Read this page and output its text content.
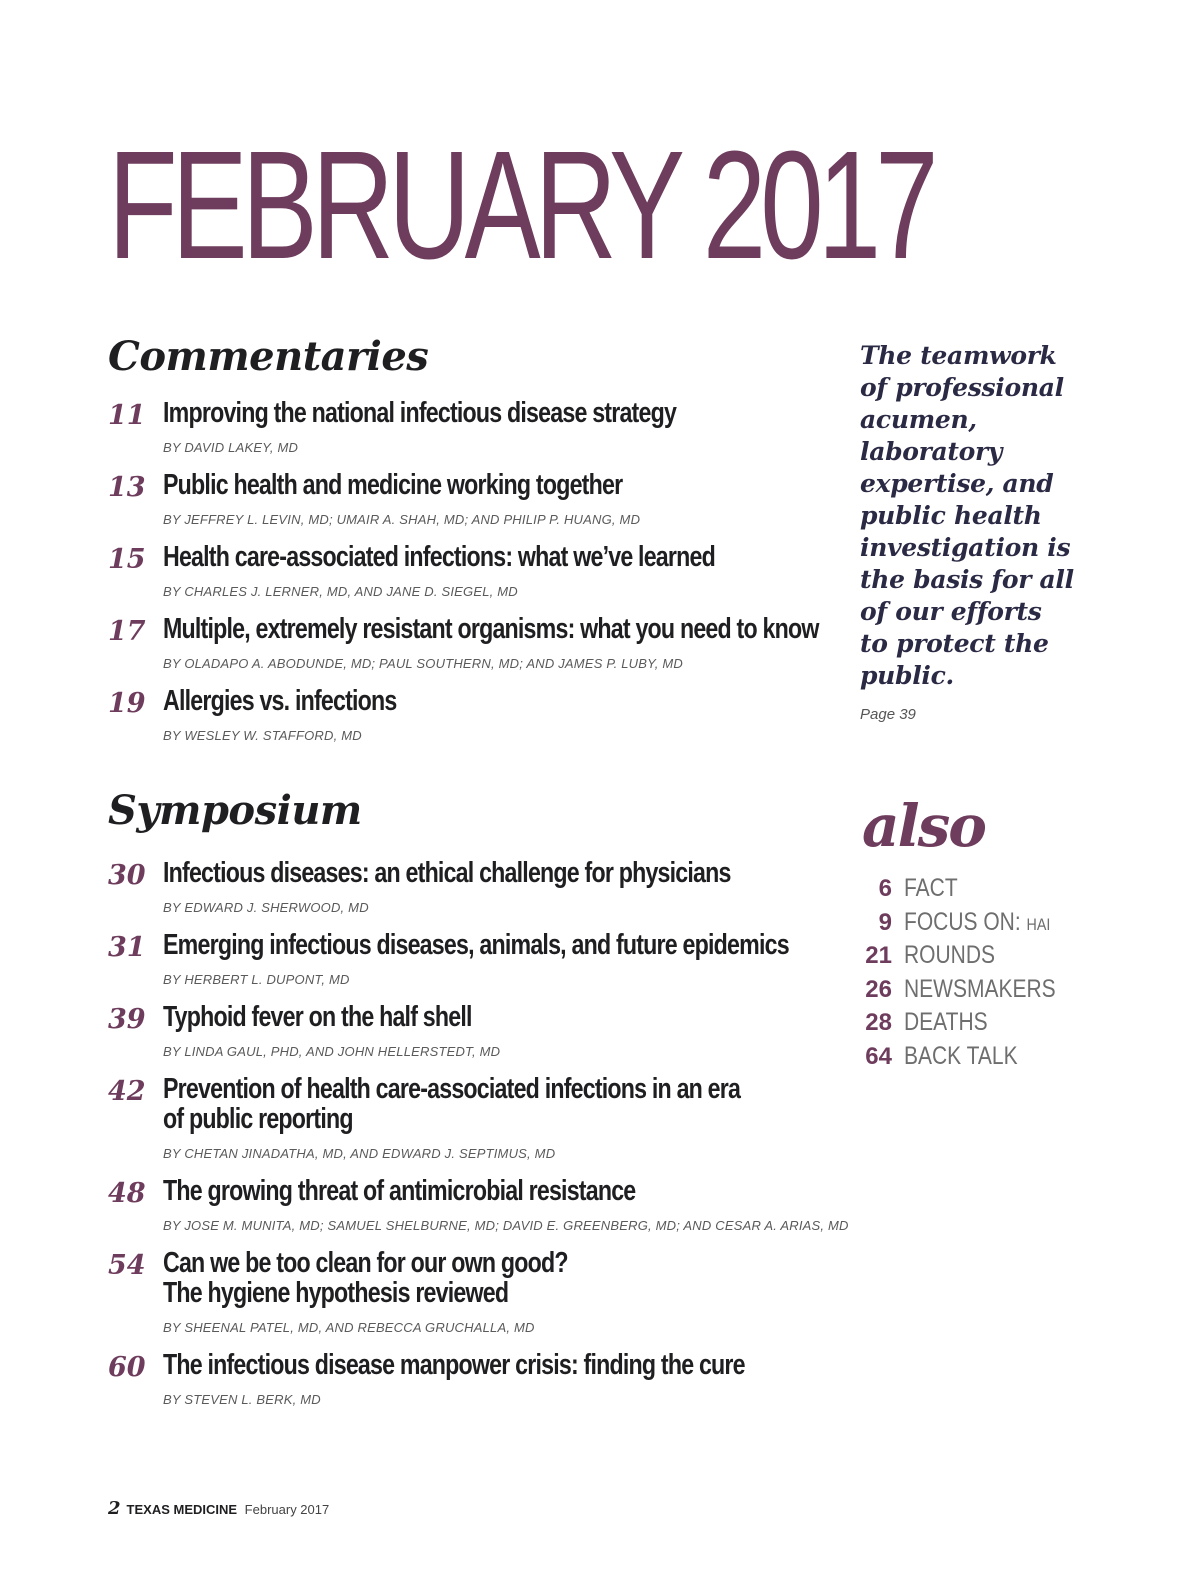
FEBRUARY 2017
Commentaries
11 Improving the national infectious disease strategy
BY DAVID LAKEY, MD
13 Public health and medicine working together
BY JEFFREY L. LEVIN, MD; UMAIR A. SHAH, MD; AND PHILIP P. HUANG, MD
15 Health care-associated infections: what we’ve learned
BY CHARLES J. LERNER, MD, AND JANE D. SIEGEL, MD
17 Multiple, extremely resistant organisms: what you need to know
BY OLADAPO A. ABODUNDE, MD; PAUL SOUTHERN, MD; AND JAMES P. LUBY, MD
19 Allergies vs. infections
BY WESLEY W. STAFFORD, MD
Symposium
30 Infectious diseases: an ethical challenge for physicians
BY EDWARD J. SHERWOOD, MD
31 Emerging infectious diseases, animals, and future epidemics
BY HERBERT L. DUPONT, MD
39 Typhoid fever on the half shell
BY LINDA GAUL, PHD, AND JOHN HELLERSTEDT, MD
42 Prevention of health care-associated infections in an era
of public reporting
BY CHETAN JINADATHA, MD, AND EDWARD J. SEPTIMUS, MD
48 The growing threat of antimicrobial resistance
BY JOSE M. MUNITA, MD; SAMUEL SHELBURNE, MD; DAVID E. GREENBERG, MD; AND CESAR A. ARIAS, MD
54 Can we be too clean for our own good?
The hygiene hypothesis reviewed
BY SHEENAL PATEL, MD, AND REBECCA GRUCHALLA, MD
60 The infectious disease manpower crisis: finding the cure
BY STEVEN L. BERK, MD
The teamwork of professional acumen, laboratory expertise, and public health investigation is the basis for all of our efforts to protect the public.
Page 39
also
6 FACT
9 FOCUS ON: HAI
21 ROUNDS
26 NEWSMAKERS
28 DEATHS
64 BACK TALK
2 TEXAS MEDICINE February 2017
